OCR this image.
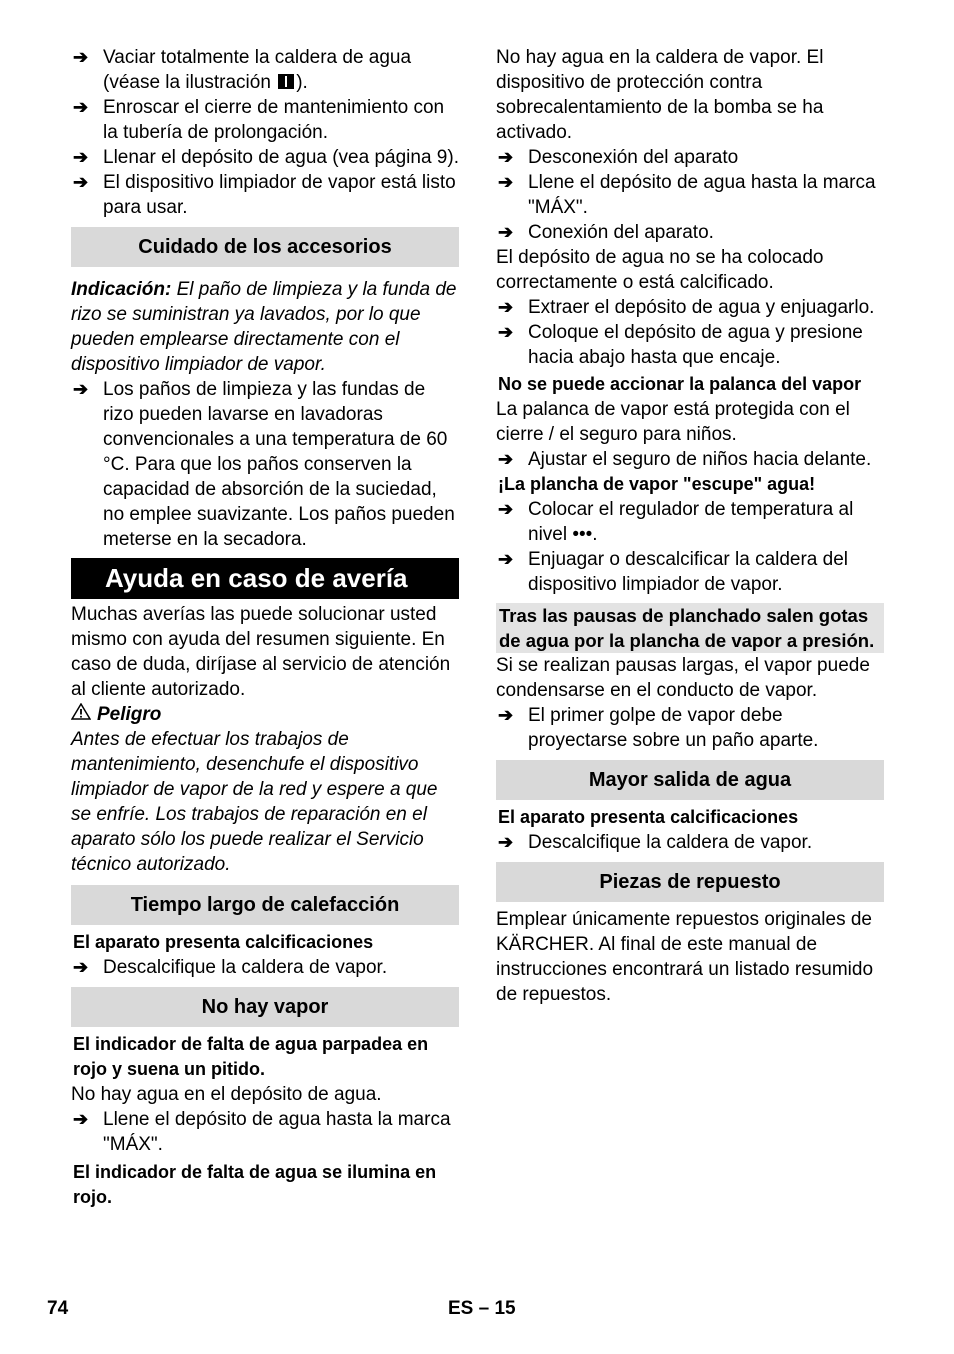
➔ Vaciar totalmente la caldera de agua (véase la ilustración ).
➔ Enroscar el cierre de mantenimiento con la tubería de prolongación.
➔ Llenar el depósito de agua (vea página 9).
➔ El dispositivo limpiador de vapor está listo para usar.
Cuidado de los accesorios

Indicación: El paño de limpieza y la funda de rizo se suministran ya lavados, por lo que pueden emplearse directamente con el dispositivo limpiador de vapor.

➔ Los paños de limpieza y las fundas de rizo pueden lavarse en lavadoras convencionales a una temperatura de 60 °C. Para que los paños conserven la capacidad de absorción de la suciedad, no emplee suavizante. Los paños pueden meterse en la secadora.
Ayuda en caso de avería

Muchas averías las puede solucionar usted mismo con ayuda del resumen siguiente. En caso de duda, diríjase al servicio de atención al cliente autorizado.

Peligro

Antes de efectuar los trabajos de mantenimiento, desenchufe el dispositivo limpiador de vapor de la red y espere a que se enfríe. Los trabajos de reparación en el aparato sólo los puede realizar el Servicio técnico autorizado.

Tiempo largo de calefacción

El aparato presenta calcificaciones

➔ Descalcifique la caldera de vapor.
No hay vapor

El indicador de falta de agua parpadea en rojo y suena un pitido.

No hay agua en el depósito de agua.

➔ Llene el depósito de agua hasta la marca "MÁX".

El indicador de falta de agua se ilumina en rojo.

No hay agua en la caldera de vapor. El dispositivo de protección contra sobrecalentamiento de la bomba se ha activado.

➔ Desconexión del aparato
➔ Llene el depósito de agua hasta la marca "MÁX".
➔ Conexión del aparato.

El depósito de agua no se ha colocado correctamente o está calcificado.

➔ Extraer el depósito de agua y enjuagarlo.
➔ Coloque el depósito de agua y presione hacia abajo hasta que encaje.

No se puede accionar la palanca del vapor

La palanca de vapor está protegida con el cierre / el seguro para niños.

➔ Ajustar el seguro de niños hacia delante.

¡La plancha de vapor "escupe" agua!

➔ Colocar el regulador de temperatura al nivel •••.
➔ Enjuagar o descalcificar la caldera del dispositivo limpiador de vapor.
Tras las pausas de planchado salen gotas de agua por la plancha de vapor a presión.

Si se realizan pausas largas, el vapor puede condensarse en el conducto de vapor.

➔ El primer golpe de vapor debe proyectarse sobre un paño aparte.
Mayor salida de agua

El aparato presenta calcificaciones

➔ Descalcifique la caldera de vapor.
Piezas de repuesto

Emplear únicamente repuestos originales de KÄRCHER. Al final de este manual de instrucciones encontrará un listado resumido de repuestos.

74	ES – 15
